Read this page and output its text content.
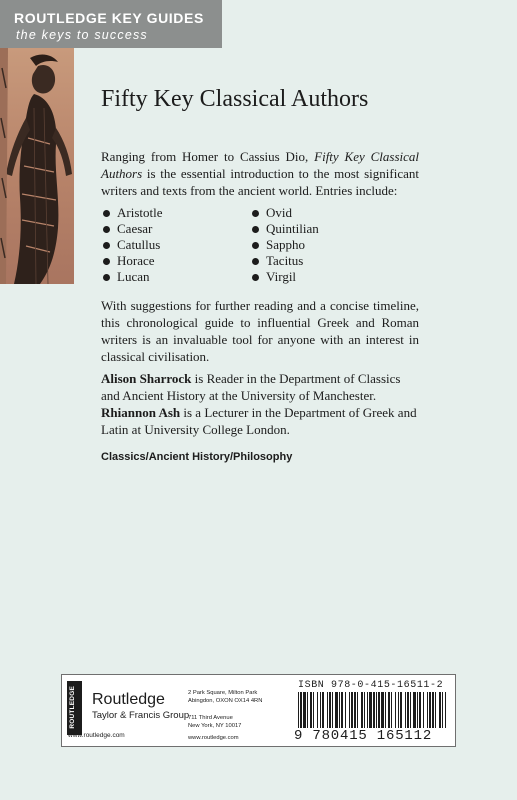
ROUTLEDGE KEY GUIDES
the keys to success
Fifty Key Classical Authors

Ranging from Homer to Cassius Dio, Fifty Key Classical Authors is the essential introduction to the most significant writers and texts from the ancient world. Entries include:

Aristotle
Caesar
Catullus
Horace
Lucan
Ovid
Quintilian
Sappho
Tacitus
Virgil

With suggestions for further reading and a concise timeline, this chronological guide to influential Greek and Roman writers is an invaluable tool for anyone with an interest in classical civilisation.

Alison Sharrock is Reader in the Department of Classics and Ancient History at the University of Manchester.

Rhiannon Ash is a Lecturer in the Department of Greek and Latin at University College London.

Classics/Ancient History/Philosophy
ROUTLEDGE	Routledge
Taylor & Francis Group
www.routledge.com
2 Park Square, Milton Park
Abingdon, OXON OX14 4RN
711 Third Avenue
New York, NY 10017
www.routledge.com
ISBN 978-0-415-16511-2
9 780415 165112
